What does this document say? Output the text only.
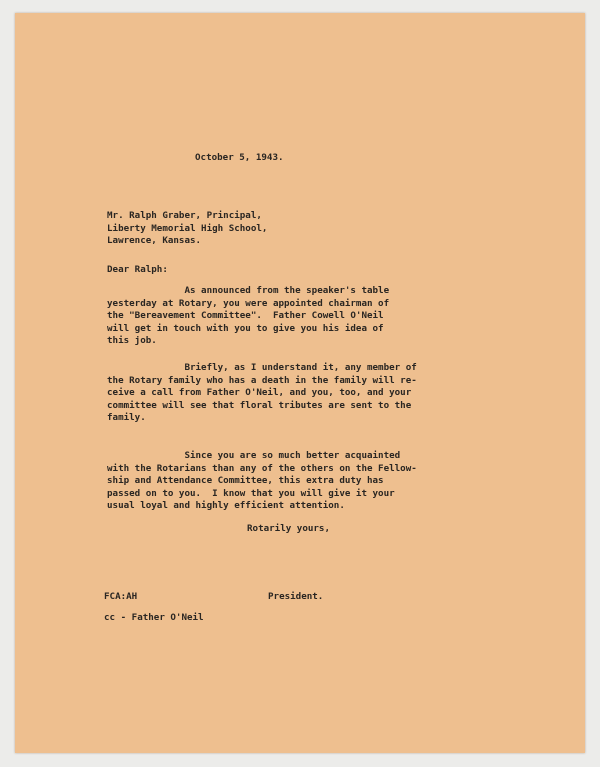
October 5, 1943.

Mr. Ralph Graber, Principal,
Liberty Memorial High School,
Lawrence, Kansas.

Dear Ralph:

As announced from the speaker's table
yesterday at Rotary, you were appointed chairman of
the "Bereavement Committee".  Father Cowell O'Neil
will get in touch with you to give you his idea of
this job.

Briefly, as I understand it, any member of
the Rotary family who has a death in the family will re-
ceive a call from Father O'Neil, and you, too, and your
committee will see that floral tributes are sent to the
family.

Since you are so much better acquainted
with the Rotarians than any of the others on the Fellow-
ship and Attendance Committee, this extra duty has
passed on to you.  I know that you will give it your
usual loyal and highly efficient attention.

Rotarily yours,

FCA:AH	President.

cc - Father O'Neil
